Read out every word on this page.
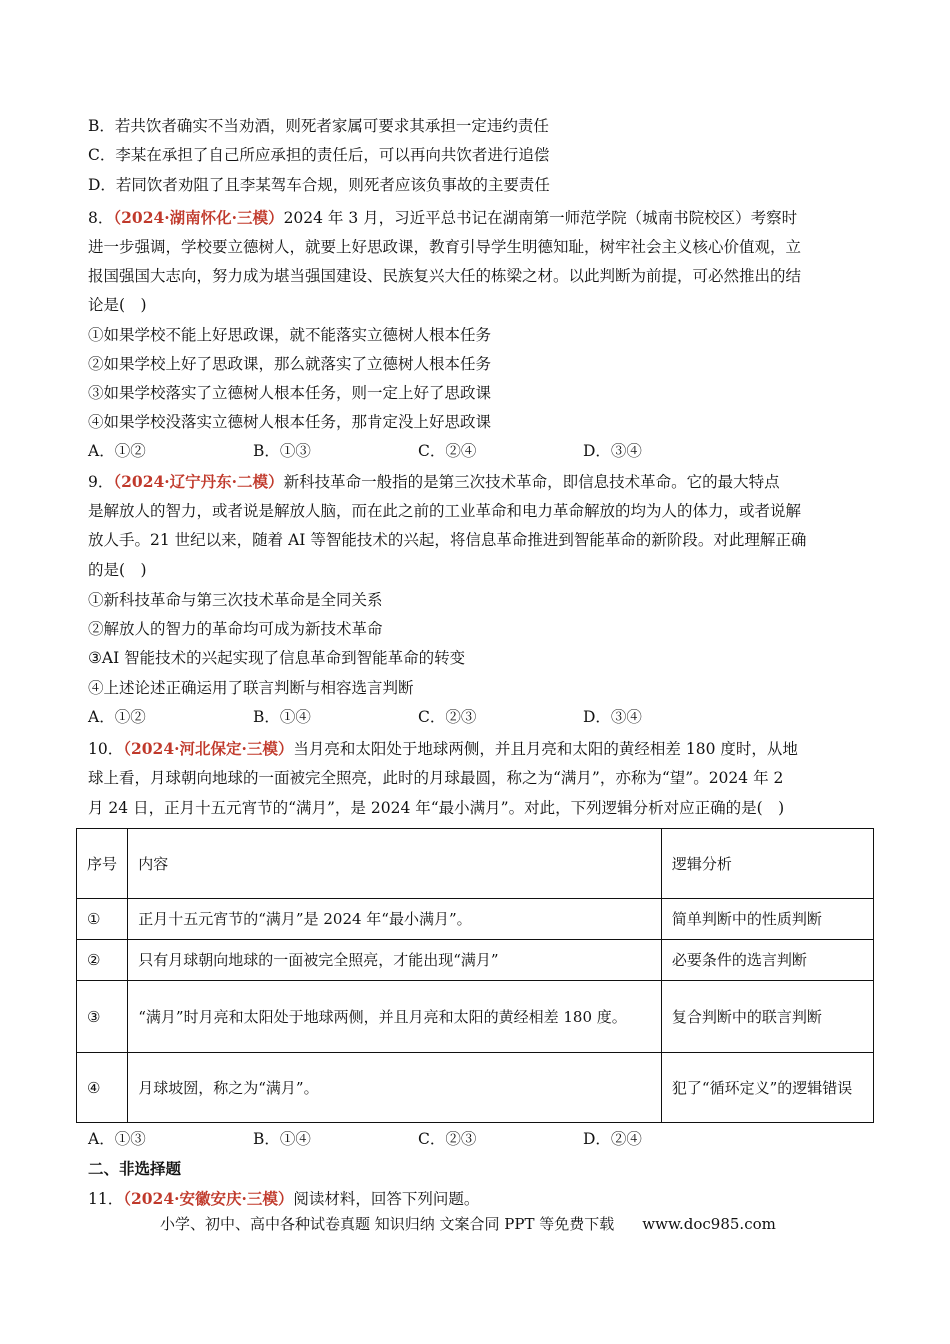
B．若共饮者确实不当劝酒，则死者家属可要求其承担一定违约责任
C．李某在承担了自己所应承担的责任后，可以再向共饮者进行追偿
D．若同饮者劝阻了且李某驾车合规，则死者应该负事故的主要责任
8．（2024·湖南怀化·三模）2024 年 3 月，习近平总书记在湖南第一师范学院（城南书院校区）考察时
进一步强调，学校要立德树人，就要上好思政课，教育引导学生明德知耻，树牢社会主义核心价值观，立
报国强国大志向，努力成为堪当强国建设、民族复兴大任的栋梁之材。以此判断为前提，可必然推出的结
论是(　)
①如果学校不能上好思政课，就不能落实立德树人根本任务
②如果学校上好了思政课，那么就落实了立德树人根本任务
③如果学校落实了立德树人根本任务，则一定上好了思政课
④如果学校没落实立德树人根本任务，那肯定没上好思政课
A．①②	B．①③	C．②④	D．③④
9．（2024·辽宁丹东·二模）新科技革命一般指的是第三次技术革命，即信息技术革命。它的最大特点
是解放人的智力，或者说是解放人脑，而在此之前的工业革命和电力革命解放的均为人的体力，或者说解
放人手。21 世纪以来，随着 AI 等智能技术的兴起，将信息革命推进到智能革命的新阶段。对此理解正确
的是(　)
①新科技革命与第三次技术革命是全同关系
②解放人的智力的革命均可成为新技术革命
③AI 智能技术的兴起实现了信息革命到智能革命的转变
④上述论述正确运用了联言判断与相容选言判断
A．①②	B．①④	C．②③	D．③④
10．（2024·河北保定·三模）当月亮和太阳处于地球两侧，并且月亮和太阳的黄经相差 180 度时，从地
球上看，月球朝向地球的一面被完全照亮，此时的月球最圆，称之为“满月”，亦称为“望”。2024 年 2
月 24 日，正月十五元宵节的“满月”，是 2024 年“最小满月”。对此，下列逻辑分析对应正确的是(　)
序号	内容	逻辑分析
①	正月十五元宵节的“满月”是 2024 年“最小满月”。	简单判断中的性质判断
②	只有月球朝向地球的一面被完全照亮，才能出现“满月”	必要条件的选言判断
③	“满月”时月亮和太阳处于地球两侧，并且月亮和太阳的黄经相差 180 度。	复合判断中的联言判断
④	月球坡圀，称之为“满月”。	犯了“循环定义”的逻辑错误
A．①③	B．①④	C．②③	D．②④
二、非选择题
11．（2024·安徽安庆·三模）阅读材料，回答下列问题。
小学、初中、高中各种试卷真题 知识归纳 文案合同 PPT 等免费下载 www.doc985.com
